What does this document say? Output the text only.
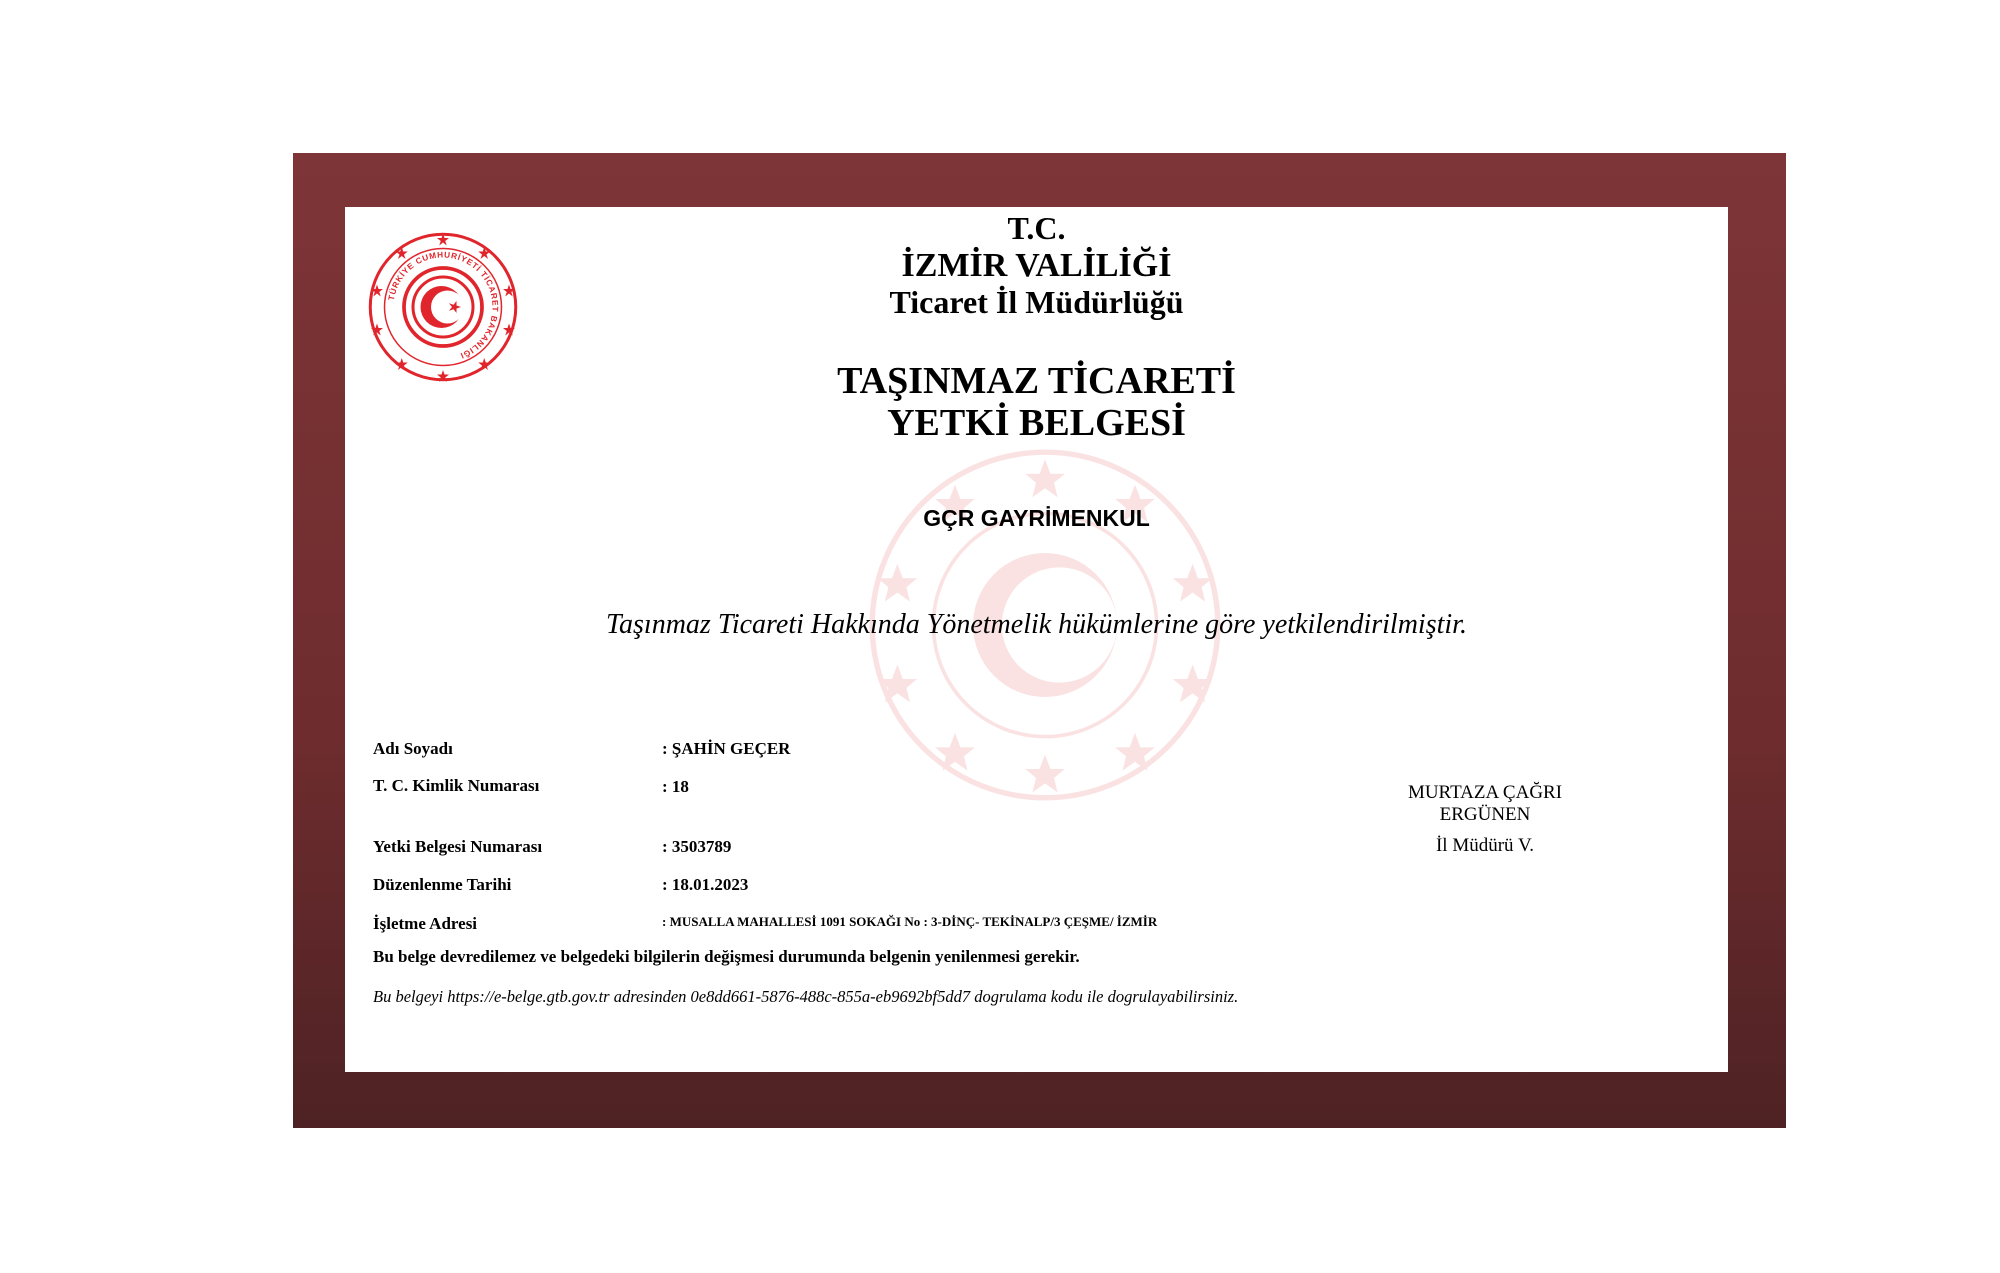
TÜRKİYE CUMHURİYETİ TİCARET BAKANLIĞI
T.C.
İZMİR VALİLİĞİ
Ticaret İl Müdürlüğü
TAŞINMAZ TİCARETİ
YETKİ BELGESİ
GÇR GAYRİMENKUL
Taşınmaz Ticareti Hakkında Yönetmelik hükümlerine göre yetkilendirilmiştir.
Adı Soyadı	: ŞAHİN GEÇER
T. C. Kimlik Numarası	: 18
Yetki Belgesi Numarası	: 3503789
Düzenlenme Tarihi	: 18.01.2023
İşletme Adresi	: MUSALLA MAHALLESİ 1091 SOKAĞI No : 3-DİNÇ- TEKİNALP/3 ÇEŞME/ İZMİR
Bu belge devredilemez ve belgedeki bilgilerin değişmesi durumunda belgenin yenilenmesi gerekir.
Bu belgeyi https://e-belge.gtb.gov.tr adresinden 0e8dd661-5876-488c-855a-eb9692bf5dd7 dogrulama kodu ile dogrulayabilirsiniz.
MURTAZA ÇAĞRI
ERGÜNEN
İl Müdürü V.
